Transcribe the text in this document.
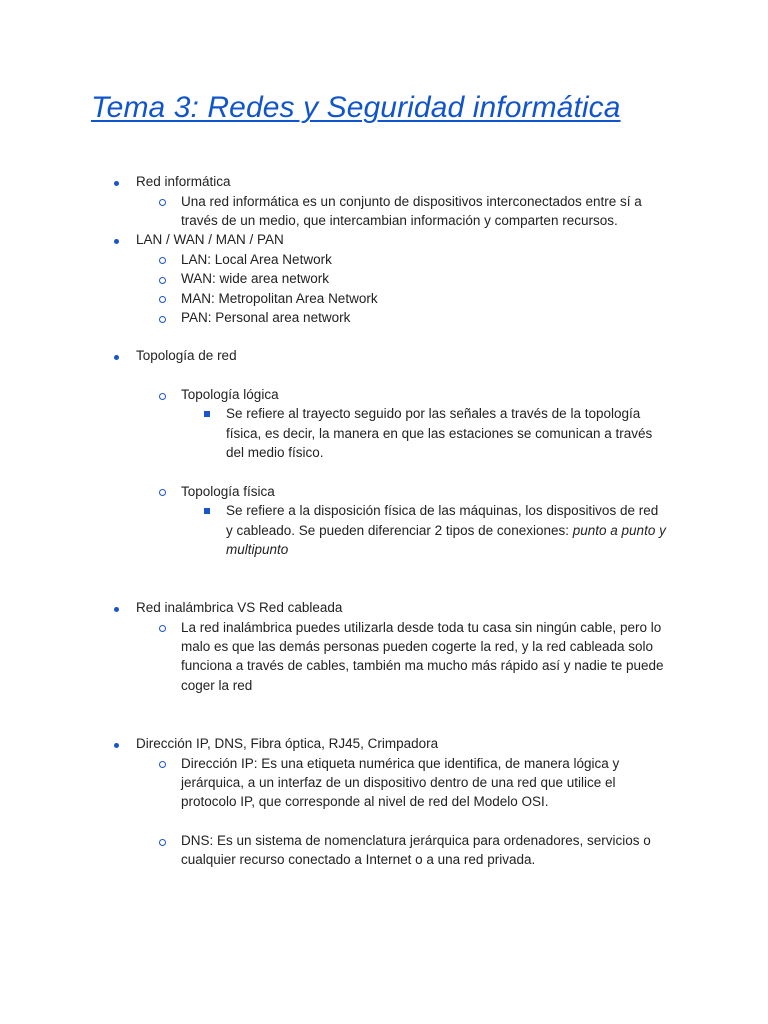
Tema 3: Redes y Seguridad informática
Red informática
Una red informática es un conjunto de dispositivos interconectados entre sí a
través de un medio, que intercambian información y comparten recursos.
LAN / WAN / MAN / PAN
LAN: Local Area Network
WAN: wide area network
MAN: Metropolitan Area Network
PAN: Personal area network
Topología de red
Topología lógica
Se refiere al trayecto seguido por las señales a través de la topología
física, es decir, la manera en que las estaciones se comunican a través
del medio físico.
Topología física
Se refiere a la disposición física de las máquinas, los dispositivos de red
y cableado. Se pueden diferenciar 2 tipos de conexiones: punto a punto y
multipunto
Red inalámbrica VS Red cableada
La red inalámbrica puedes utilizarla desde toda tu casa sin ningún cable, pero lo
malo es que las demás personas pueden cogerte la red, y la red cableada solo
funciona a través de cables, también ma mucho más rápido así y nadie te puede
coger la red
Dirección IP, DNS, Fibra óptica, RJ45, Crimpadora
Dirección IP: Es una etiqueta numérica que identifica, de manera lógica y
jerárquica, a un interfaz de un dispositivo dentro de una red que utilice el
protocolo IP, que corresponde al nivel de red del Modelo OSI.
DNS: Es un sistema de nomenclatura jerárquica para ordenadores, servicios o
cualquier recurso conectado a Internet o a una red privada.
